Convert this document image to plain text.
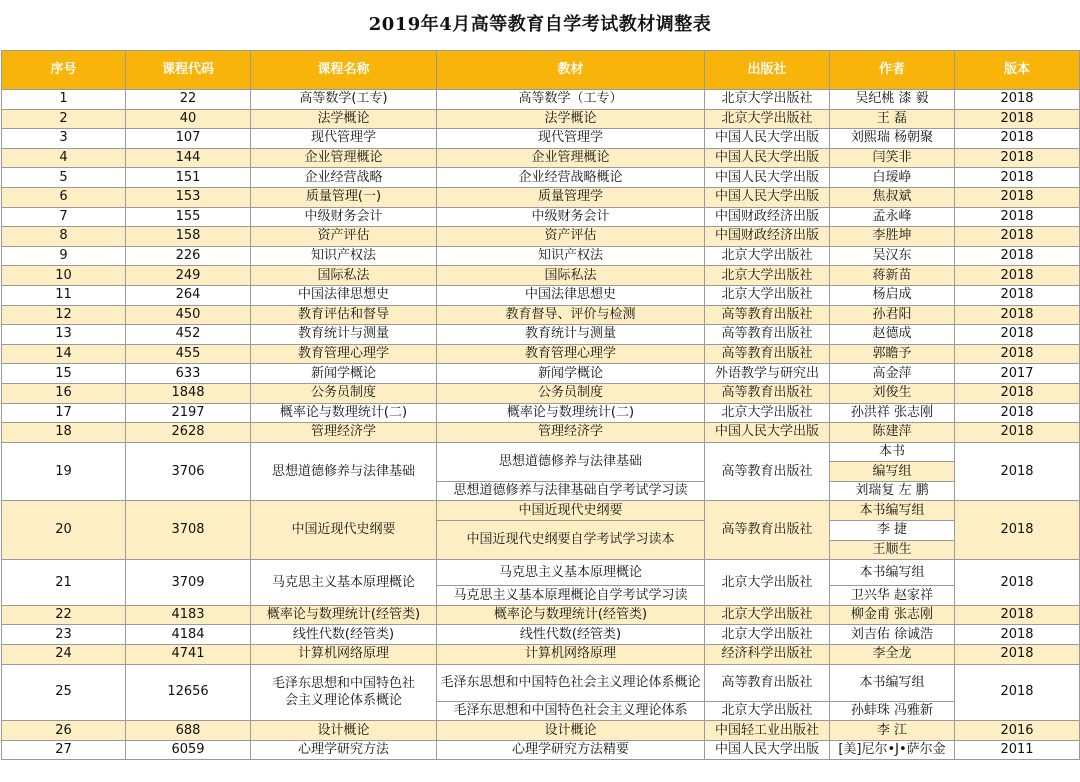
2019年4月高等教育自学考试教材调整表
序号	课程代码	课程名称	教材	出版社	作者	版本
1	22	高等数学(工专)	高等数学（工专）	北京大学出版社	吴纪桃 漆 毅	2018
2	40	法学概论	法学概论	北京大学出版社	王 磊	2018
3	107	现代管理学	现代管理学	中国人民大学出版	刘熙瑞 杨朝聚	2018
4	144	企业管理概论	企业管理概论	中国人民大学出版	闫笑非	2018
5	151	企业经营战略	企业经营战略概论	中国人民大学出版	白瑷峥	2018
6	153	质量管理(一)	质量管理学	中国人民大学出版	焦叔斌	2018
7	155	中级财务会计	中级财务会计	中国财政经济出版	孟永峰	2018
8	158	资产评估	资产评估	中国财政经济出版	李胜坤	2018
9	226	知识产权法	知识产权法	北京大学出版社	吴汉东	2018
10	249	国际私法	国际私法	北京大学出版社	蒋新苗	2018
11	264	中国法律思想史	中国法律思想史	北京大学出版社	杨启成	2018
12	450	教育评估和督导	教育督导、评价与检测	高等教育出版社	孙君阳	2018
13	452	教育统计与测量	教育统计与测量	高等教育出版社	赵德成	2018
14	455	教育管理心理学	教育管理心理学	高等教育出版社	郭瞻予	2018
15	633	新闻学概论	新闻学概论	外语教学与研究出	高金萍	2017
16	1848	公务员制度	公务员制度	高等教育出版社	刘俊生	2018
17	2197	概率论与数理统计(二)	概率论与数理统计(二)	北京大学出版社	孙洪祥 张志刚	2018
18	2628	管理经济学	管理经济学	中国人民大学出版	陈建萍	2018
19	3706	思想道德修养与法律基础	思想道德修养与法律基础	高等教育出版社	本书	2018
					编写组	
			思想道德修养与法律基础自学考试学习读		刘瑞复 左 鹏	
20	3708	中国近现代史纲要	中国近现代史纲要	高等教育出版社	本书编写组	2018
			中国近现代史纲要自学考试学习读本		李 捷	
					王顺生	
21	3709	马克思主义基本原理概论	马克思主义基本原理概论	北京大学出版社	本书编写组	2018
			马克思主义基本原理概论自学考试学习读		卫兴华 赵家祥	
22	4183	概率论与数理统计(经管类)	概率论与数理统计(经管类)	北京大学出版社	柳金甫 张志刚	2018
23	4184	线性代数(经管类)	线性代数(经管类)	北京大学出版社	刘吉佑 徐诚浩	2018
24	4741	计算机网络原理	计算机网络原理	经济科学出版社	李全龙	2018
25	12656	毛泽东思想和中国特色社会主义理论体系概论	毛泽东思想和中国特色社会主义理论体系概论	高等教育出版社	本书编写组	2018
			毛泽东思想和中国特色社会主义理论体系	北京大学出版社	孙蚌珠 冯雅新	
26	688	设计概论	设计概论	中国轻工业出版社	李 江	2016
27	6059	心理学研究方法	心理学研究方法精要	中国人民大学出版	[美]尼尔•J•萨尔金	2011
